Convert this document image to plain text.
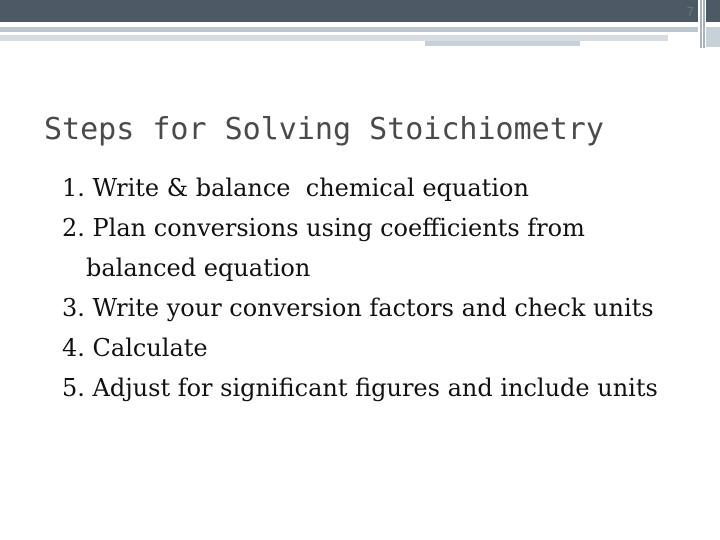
7
Steps for Solving Stoichiometry
1. Write & balance  chemical equation
2. Plan conversions using coefficients from balanced equation
3. Write your conversion factors and check units
4. Calculate
5. Adjust for significant figures and include units
